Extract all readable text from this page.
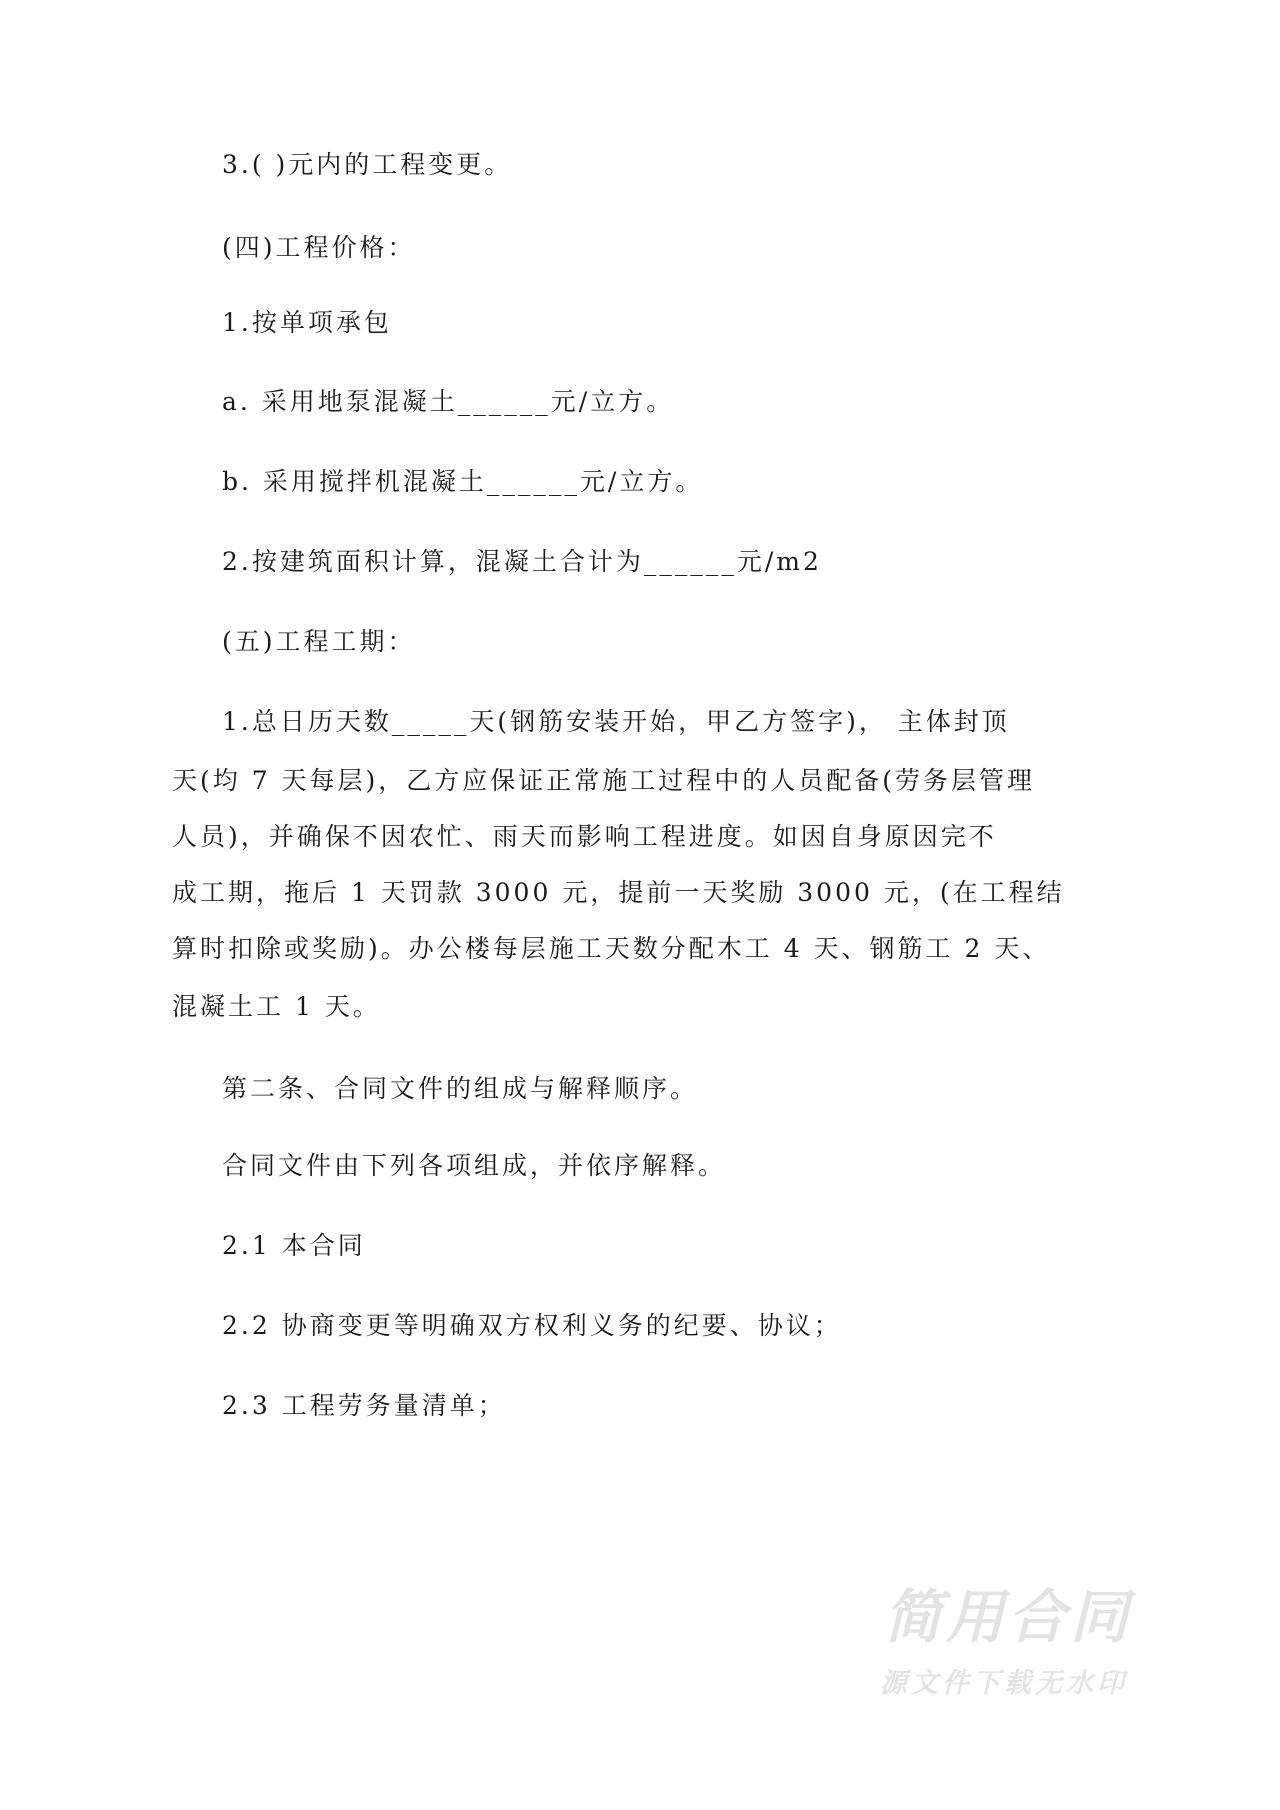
3.( )元内的工程变更。
(四)工程价格：
1.按单项承包
a. 采用地泵混凝土______元/立方。
b. 采用搅拌机混凝土______元/立方。
2.按建筑面积计算，混凝土合计为______元/m2
(五)工程工期：
1.总日历天数_____天(钢筋安装开始，甲乙方签字)， 主体封顶
天(均 7 天每层)，乙方应保证正常施工过程中的人员配备(劳务层管理
人员)，并确保不因农忙、雨天而影响工程进度。如因自身原因完不
成工期，拖后 1 天罚款 3000 元，提前一天奖励 3000 元，(在工程结
算时扣除或奖励)。办公楼每层施工天数分配木工 4 天、钢筋工 2 天、
混凝土工 1 天。
第二条、合同文件的组成与解释顺序。
合同文件由下列各项组成，并依序解释。
2.1 本合同
2.2 协商变更等明确双方权利义务的纪要、协议；
2.3 工程劳务量清单；
简用合同
源文件下载无水印
